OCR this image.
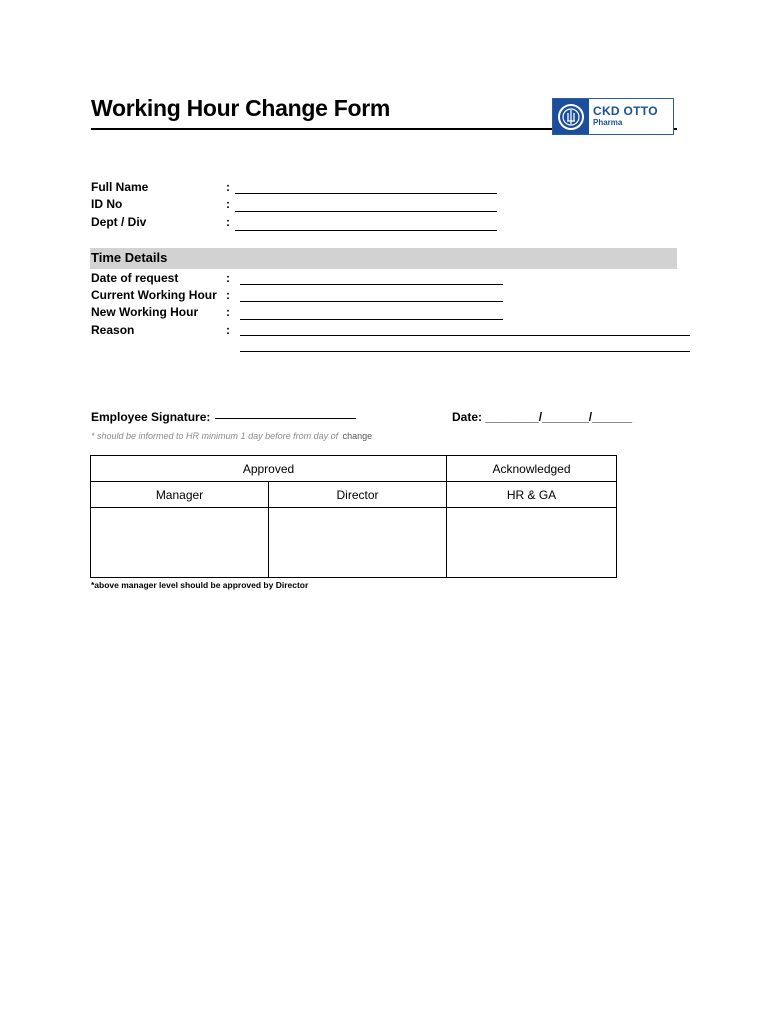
Working Hour Change Form	CKD OTTO
Pharma
Full Name	:
ID No	:
Dept / Div	:
Time Details
Date of request	:
Current Working Hour :
New Working Hour :
Reason	:
Employee Signature:	Date: ________/_______/______
* should be informed to HR minimum 1 day before from day of change
Approved		Acknowledged
Manager	Director	HR & GA

*above manager level should be approved by Director
